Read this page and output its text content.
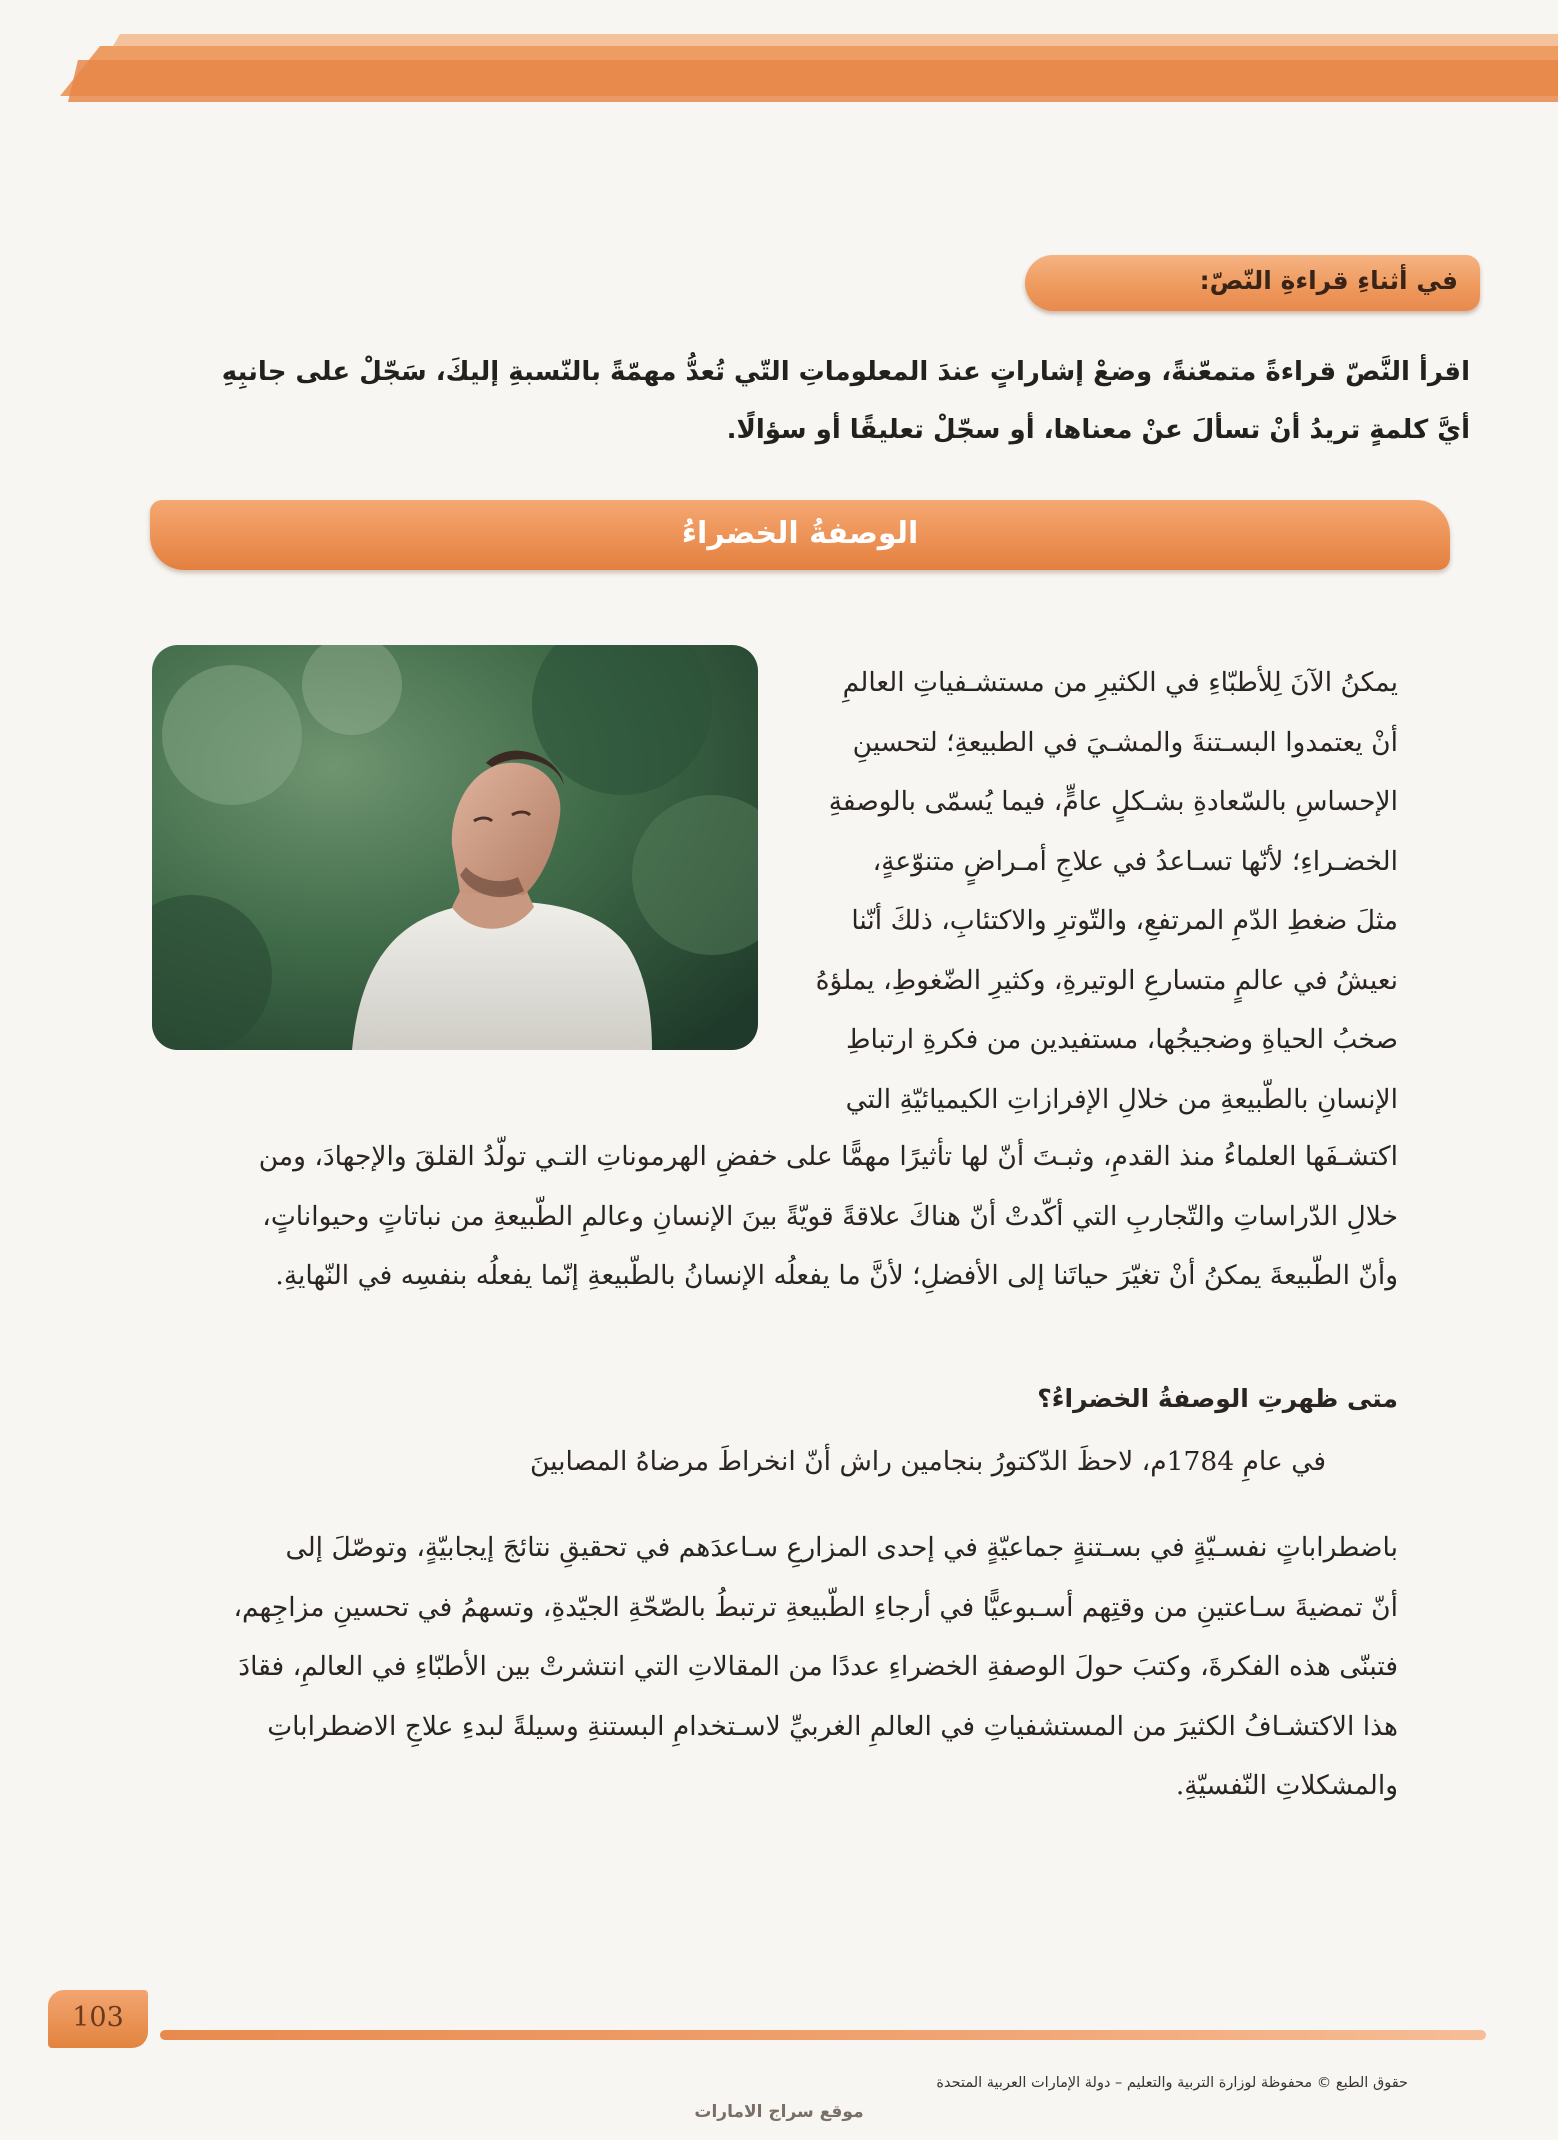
في أثناءِ قراءةِ النّصّ:
اقرأ النَّصّ قراءةً متمعّنةً، وضعْ إشاراتٍ عندَ المعلوماتِ التّي تُعدُّ مهمّةً بالنّسبةِ إليكَ، سَجّلْ على جانبِهِ
أيَّ كلمةٍ تريدُ أنْ تسألَ عنْ معناها، أو سجّلْ تعليقًا أو سؤالًا.
الوصفةُ الخضراءُ
يمكنُ الآنَ لِلأطبّاءِ في الكثيرِ من مستشـفياتِ العالمِ
أنْ يعتمدوا البسـتنةَ والمشـيَ في الطبيعةِ؛ لتحسينِ
الإحساسِ بالسّعادةِ بشـكلٍ عامٍّ، فيما يُسمّى بالوصفةِ
الخضـراءِ؛ لأنّها تسـاعدُ في علاجِ أمـراضٍ متنوّعةٍ،
مثلَ ضغطِ الدّمِ المرتفعِ، والتّوترِ والاكتئابِ، ذلكَ أنّنا
نعيشُ في عالمٍ متسارعِ الوتيرةِ، وكثيرِ الضّغوطِ، يملؤهُ
صخبُ الحياةِ وضجيجُها، مستفيدين من فكرةِ ارتباطِ
الإنسانِ بالطّبيعةِ من خلالِ الإفرازاتِ الكيميائيّةِ التي
اكتشـفَها العلماءُ منذ القدمِ، وثبـتَ أنّ لها تأثيرًا مهمًّا على خفضِ الهرموناتِ التـي تولّدُ القلقَ والإجهادَ، ومن
خلالِ الدّراساتِ والتّجاربِ التي أكّدتْ أنّ هناكَ علاقةً قويّةً بينَ الإنسانِ وعالمِ الطّبيعةِ من نباتاتٍ وحيواناتٍ،
وأنّ الطّبيعةَ يمكنُ أنْ تغيّرَ حياتَنا إلى الأفضلِ؛ لأنَّ ما يفعلُه الإنسانُ بالطّبيعةِ إنّما يفعلُه بنفسِه في النّهايةِ.
متى ظهرتِ الوصفةُ الخضراءُ؟
في عامِ 1784م، لاحظَ الدّكتورُ بنجامين راش أنّ انخراطَ مرضاهُ المصابينَ
باضطراباتٍ نفسـيّةٍ في بسـتنةٍ جماعيّةٍ في إحدى المزارعِ سـاعدَهم في تحقيقِ نتائجَ إيجابيّةٍ، وتوصّلَ إلى
أنّ تمضيةَ سـاعتينِ من وقتِهم أسـبوعيًّا في أرجاءِ الطّبيعةِ ترتبطُ بالصّحّةِ الجيّدةِ، وتسهمُ في تحسينِ مزاجِهم،
فتبنّى هذه الفكرةَ، وكتبَ حولَ الوصفةِ الخضراءِ عددًا من المقالاتِ التي انتشرتْ بين الأطبّاءِ في العالمِ، فقادَ
هذا الاكتشـافُ الكثيرَ من المستشفياتِ في العالمِ الغربيِّ لاسـتخدامِ البستنةِ وسيلةً لبدءِ علاجِ الاضطراباتِ
والمشكلاتِ النّفسيّةِ.
103
حقوق الطبع © محفوظة لوزارة التربية والتعليم – دولة الإمارات العربية المتحدة
موقع سراج الامارات
